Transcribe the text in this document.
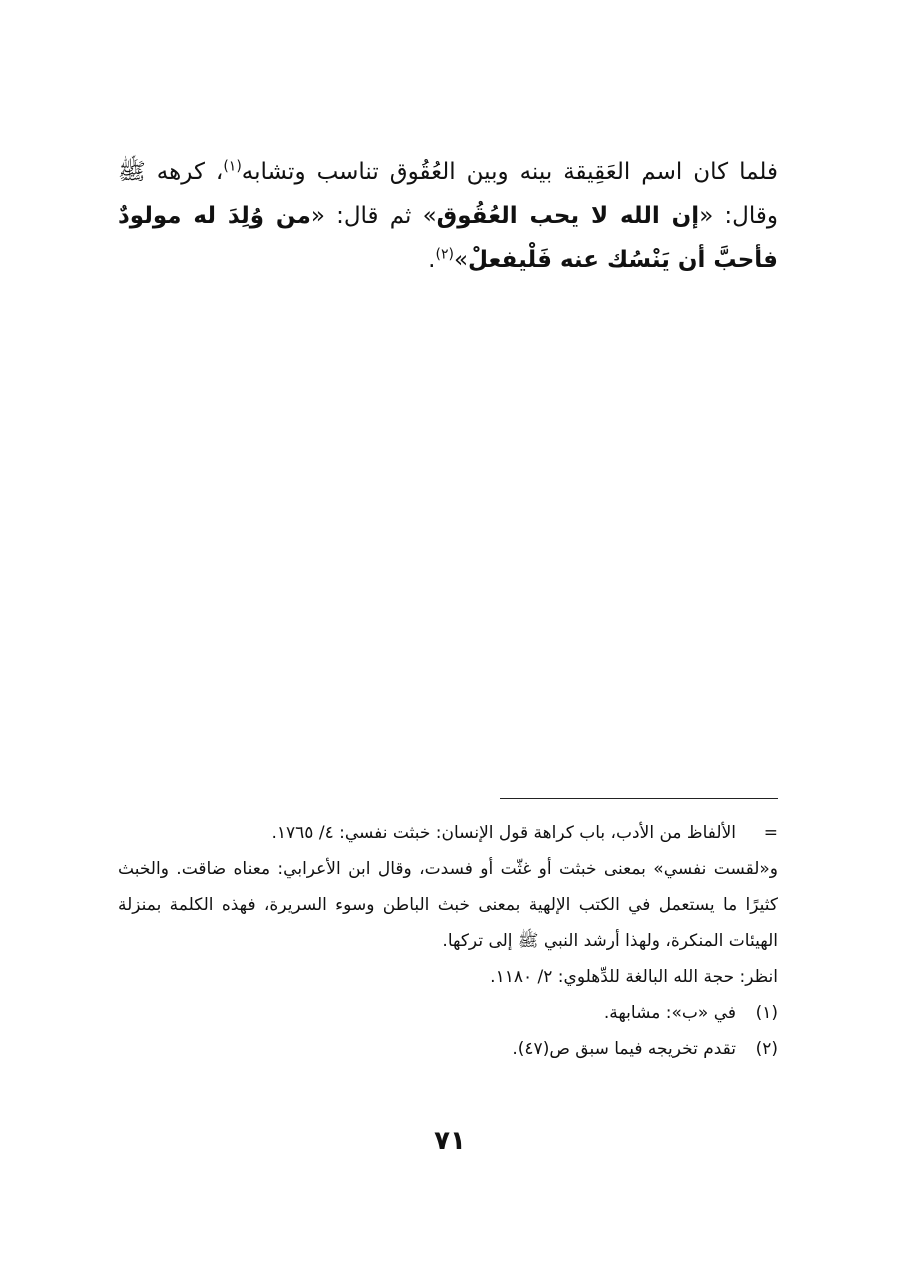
فلما كان اسم العَقِيقة بينه وبين العُقُوق تناسب وتشابه$^{(١)}$، كرهه ﷺ وقال: «إن الله لا يحب العُقُوق» ثم قال: «من وُلِدَ له مولودٌ فأحبَّ أن يَنْسُك عنه فَلْيفعلْ»$^{(٢)}$.

=
الألفاظ من الأدب، باب كراهة قول الإنسان: خبثت نفسي: ٤/ ١٧٦٥.
و«لقست نفسي» بمعنى خبثت أو غثّت أو فسدت، وقال ابن الأعرابي: معناه ضاقت. والخبث كثيرًا ما يستعمل في الكتب الإلهية بمعنى خبث الباطن وسوء السريرة، فهذه الكلمة بمنزلة الهيئات المنكرة، ولهذا أرشد النبي ﷺ إلى تركها.
انظر: حجة الله البالغة للدِّهلوي: ٢/ ١١٨٠.
(١)
في «ب»: مشابهة.
(٢)
تقدم تخريجه فيما سبق ص(٤٧).
٧١
